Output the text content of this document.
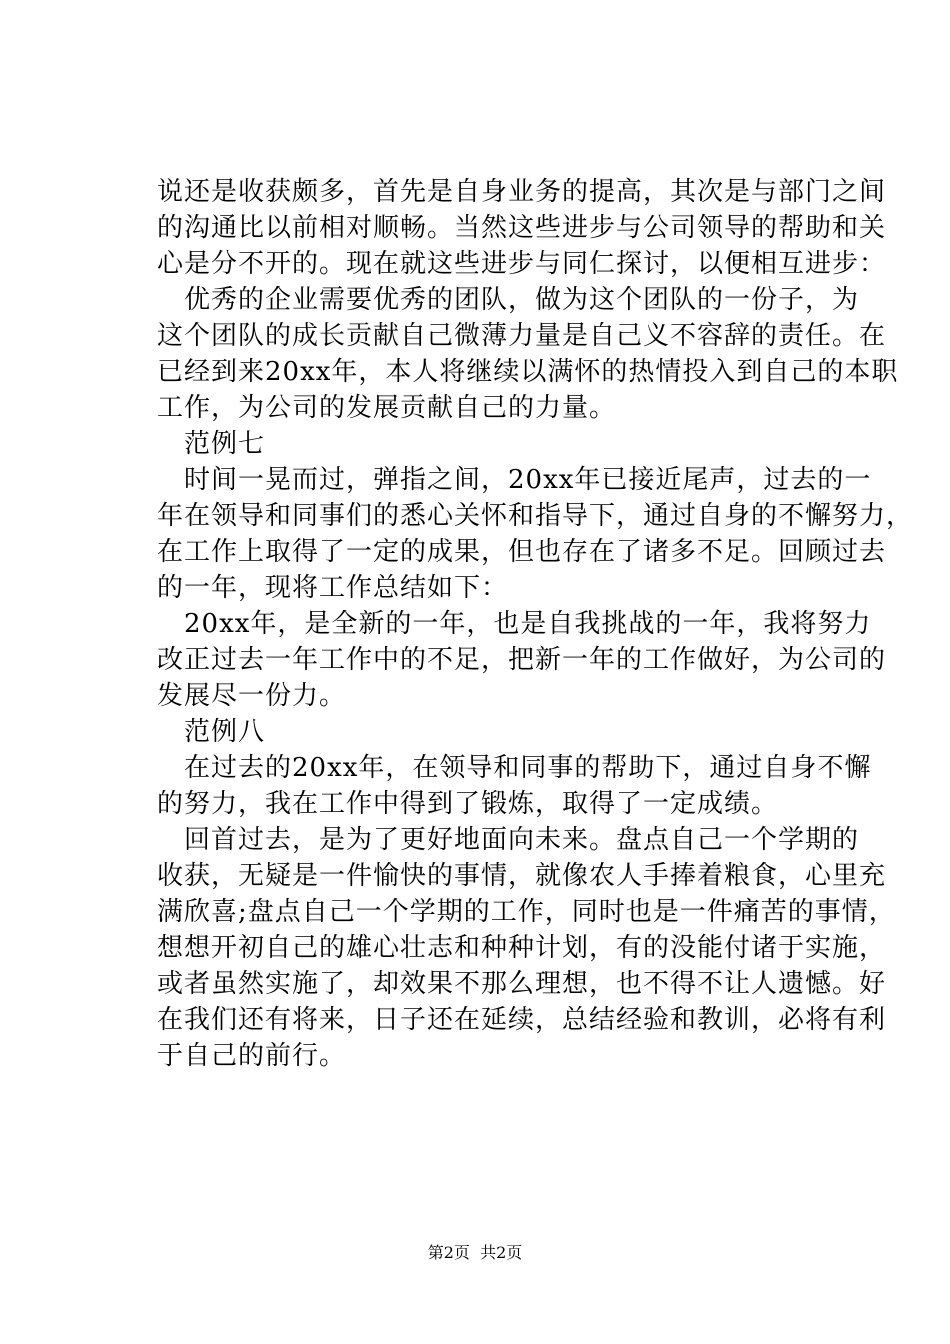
说还是收获颇多，首先是自身业务的提高，其次是与部门之间
的沟通比以前相对顺畅。当然这些进步与公司领导的帮助和关
心是分不开的。现在就这些进步与同仁探讨，以便相互进步：
优秀的企业需要优秀的团队，做为这个团队的一份子，为
这个团队的成长贡献自己微薄力量是自己义不容辞的责任。在
已经到来20xx年，本人将继续以满怀的热情投入到自己的本职
工作，为公司的发展贡献自己的力量。
范例七
时间一晃而过，弹指之间，20xx年已接近尾声，过去的一
年在领导和同事们的悉心关怀和指导下，通过自身的不懈努力，
在工作上取得了一定的成果，但也存在了诸多不足。回顾过去
的一年，现将工作总结如下：
20xx年，是全新的一年，也是自我挑战的一年，我将努力
改正过去一年工作中的不足，把新一年的工作做好，为公司的
发展尽一份力。
范例八
在过去的20xx年，在领导和同事的帮助下，通过自身不懈
的努力，我在工作中得到了锻炼，取得了一定成绩。
回首过去，是为了更好地面向未来。盘点自己一个学期的
收获，无疑是一件愉快的事情，就像农人手捧着粮食，心里充
满欣喜;盘点自己一个学期的工作，同时也是一件痛苦的事情，
想想开初自己的雄心壮志和种种计划，有的没能付诸于实施，
或者虽然实施了，却效果不那么理想，也不得不让人遗憾。好
在我们还有将来，日子还在延续，总结经验和教训，必将有利
于自己的前行。
第2页  共2页
